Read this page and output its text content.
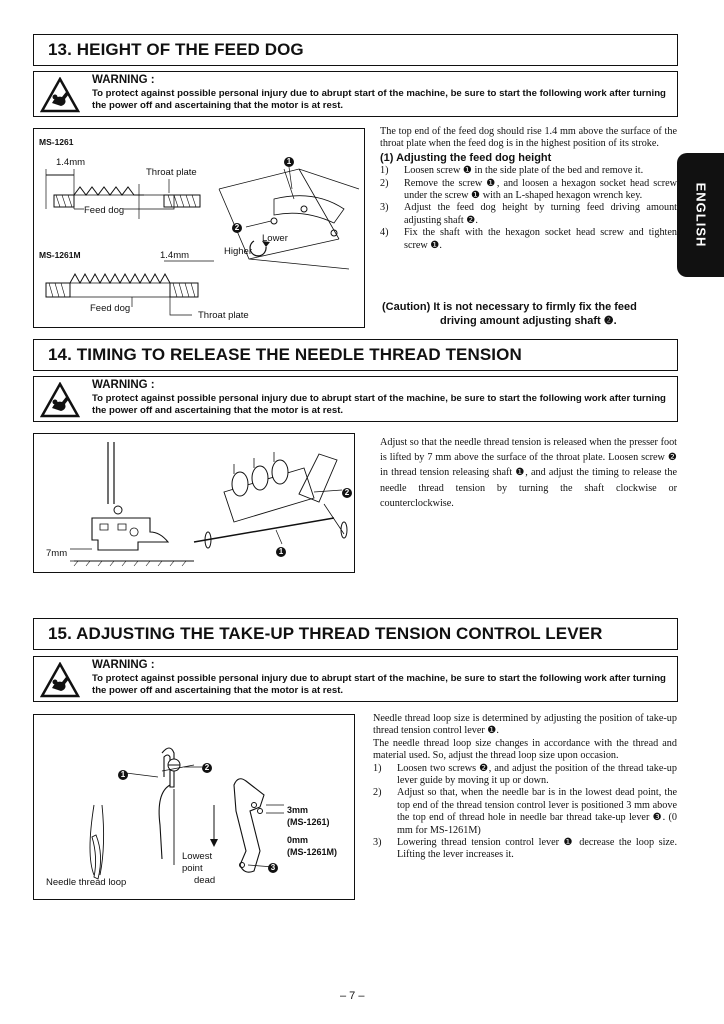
13. HEIGHT OF THE FEED DOG
WARNING :
To protect against possible personal injury due to abrupt start of the machine, be sure to start the following work after turning the power off and ascertaining that the motor is at rest.
MS-1261
1.4mm
Throat plate
Feed dog
MS-1261M	1.4mm
Feed dog
Throat plate
1
2
Lower
Higher

The top end of the feed dog should rise 1.4 mm above the surface of the throat plate when the feed dog is in the highest position of its stroke.

(1) Adjusting the feed dog height

1)	Loosen screw ❶ in the side plate of the bed and remove it.
2)	Remove the screw ❶, and loosen a hexagon socket head screw under the screw ❶ with an L-shaped hexagon wrench key.
3)	Adjust the feed dog height by turning feed driving amount adjusting shaft ❷.
4)	Fix the shaft with the hexagon socket head screw and tighten screw ❶.
(Caution) It is not necessary to firmly fix the feed
driving amount adjusting shaft ❷.
ENGLISH
14. TIMING TO RELEASE THE NEEDLE THREAD TENSION
WARNING :
To protect against possible personal injury due to abrupt start of the machine, be sure to start the following work after turning the power off and ascertaining that the motor is at rest.
7mm	1
2

Adjust so that the needle thread tension is released when the presser foot is lifted by 7 mm above the surface of the throat plate. Loosen screw ❷ in thread tension releasing shaft ❶, and adjust the timing to release the needle thread tension by turning the shaft clockwise or counterclockwise.

15. ADJUSTING THE TAKE-UP THREAD TENSION CONTROL LEVER
WARNING :
To protect against possible personal injury due to abrupt start of the machine, be sure to start the following work after turning the power off and ascertaining that the motor is at rest.
1
2
3
3mm
(MS-1261)
0mm
(MS-1261M)
Lowest
point
dead
Needle thread loop

Needle thread loop size is determined by adjusting the position of take-up thread tension control lever ❶.

The needle thread loop size changes in accordance with the thread and material used. So, adjust the thread loop size upon occasion.

1)	Loosen two screws ❷, and adjust the position of the thread take-up lever guide by moving it up or down.
2)	Adjust so that, when the needle bar is in the lowest dead point, the top end of the thread tension control lever is positioned 3 mm above the top end of thread hole in needle bar thread take-up lever ❸. (0 mm for MS-1261M)
3)	Lowering thread tension control lever ❶ decrease the loop size. Lifting the lever increases it.
– 7 –
